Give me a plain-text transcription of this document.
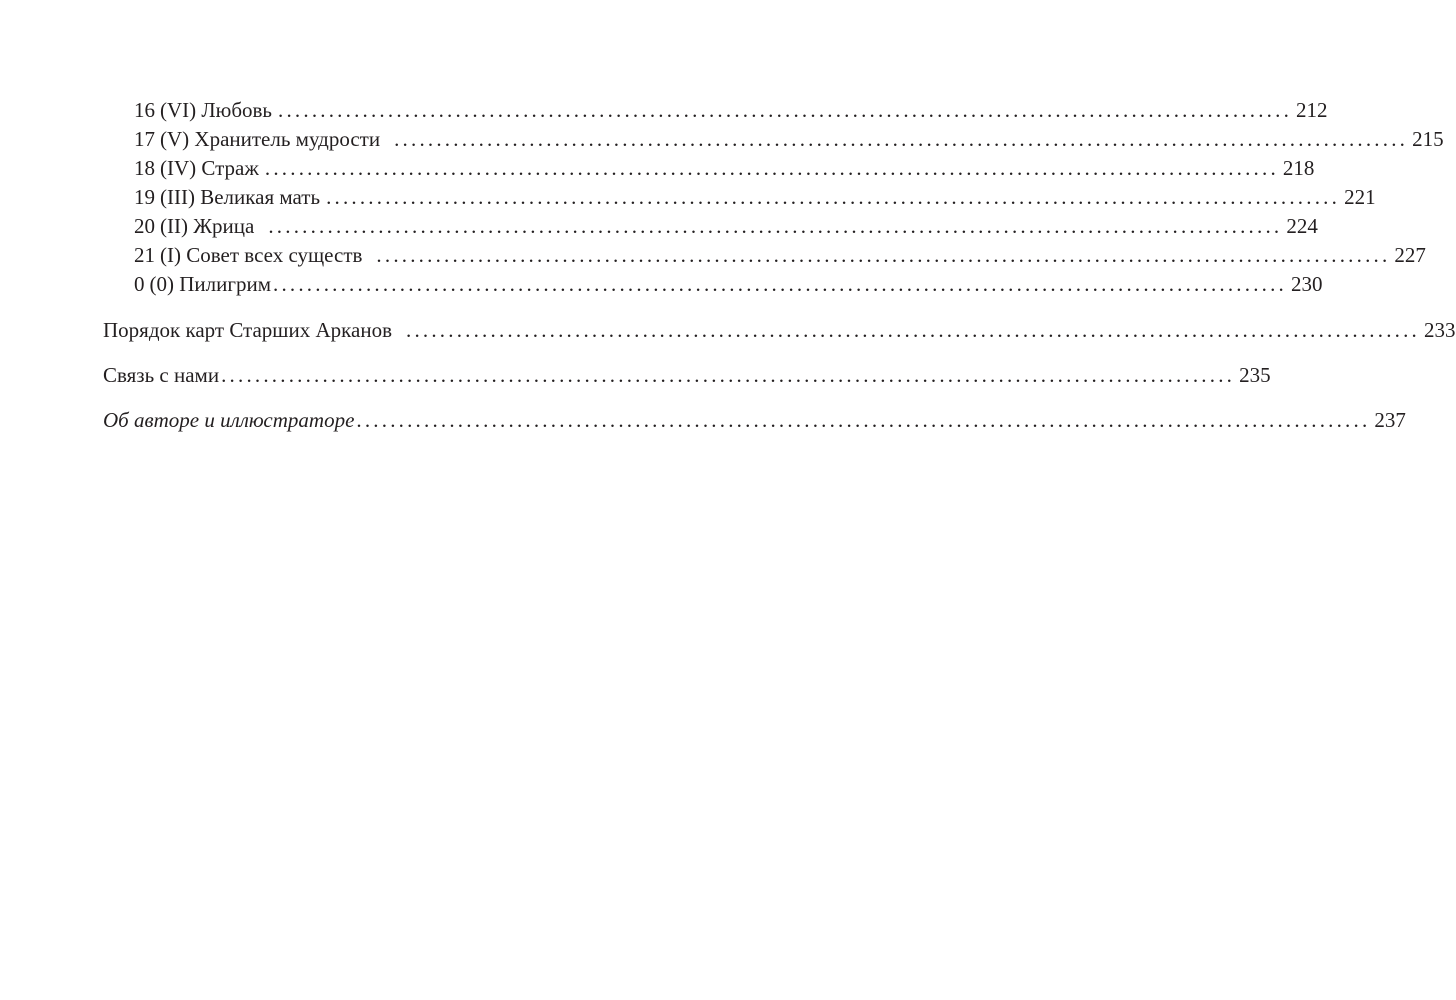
16 (VI) Любовь ........................................................................................................................ 212
17 (V) Хранитель мудрости ........................................................................................................................ 215
18 (IV) Страж ........................................................................................................................ 218
19 (III) Великая мать ........................................................................................................................ 221
20 (II) Жрица ........................................................................................................................ 224
21 (I) Совет всех существ ........................................................................................................................ 227
0 (0) Пилигрим ........................................................................................................................ 230
Порядок карт Старших Арканов ........................................................................................................................ 233
Связь с нами ........................................................................................................................ 235
Об авторе и иллюстраторе ........................................................................................................................ 237
